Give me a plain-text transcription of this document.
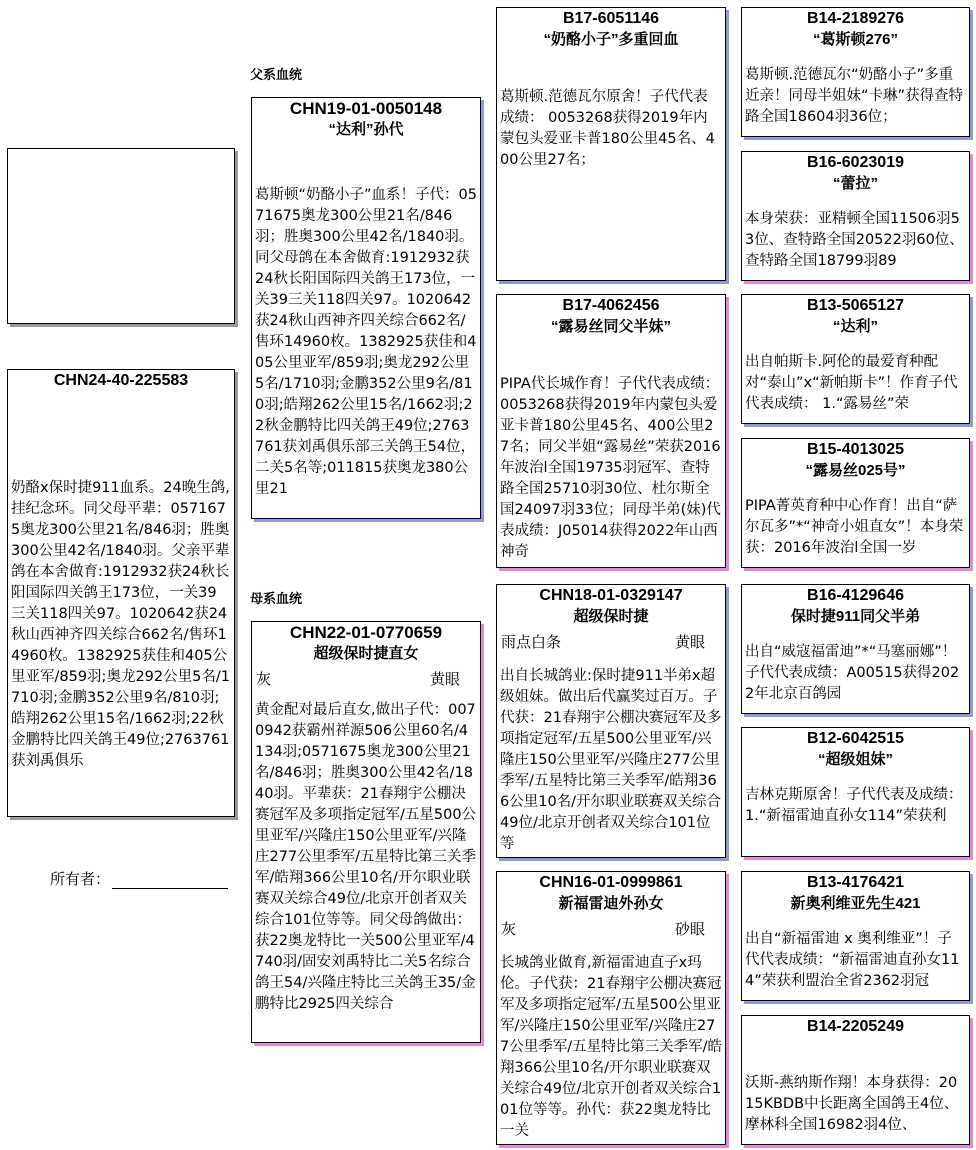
父系血统
母系血统
CHN24-40-225583
奶酪x保时捷911血系。24晚生鸽,挂纪念环。同父母平辈：0571675奥龙300公里21名/846羽；胜奥300公里42名/1840羽。父亲平辈鸽在本舍做育:1912932获24秋长阳国际四关鸽王173位，一关39三关118四关97。1020642获24秋山西神齐四关综合662名/售环14960枚。1382925获佳和405公里亚军/859羽;奥龙292公里5名/1710羽;金鹏352公里9名/810羽;皓翔262公里15名/1662羽;22秋金鹏特比四关鸽王49位;2763761获刘禹俱乐
所有者：
CHN19-01-0050148
“达利”孙代
葛斯顿“奶酪小子”血系！子代：0571675奥龙300公里21名/846羽；胜奥300公里42名/1840羽。同父母鸽在本舍做育:1912932获24秋长阳国际四关鸽王173位，一关39三关118四关97。1020642获24秋山西神齐四关综合662名/售环14960枚。1382925获佳和405公里亚军/859羽;奥龙292公里5名/1710羽;金鹏352公里9名/810羽;皓翔262公里15名/1662羽;22秋金鹏特比四关鸽王49位;2763761获刘禹俱乐部三关鸽王54位，二关5名等;011815获奥龙380公里21
CHN22-01-0770659
超级保时捷直女
灰	黄眼
黄金配对最后直女,做出子代：0070942获霸州祥源506公里60名/4134羽;0571675奥龙300公里21名/846羽；胜奥300公里42名/1840羽。平辈获：21春翔宇公棚决赛冠军及多项指定冠军/五星500公里亚军/兴隆庄150公里亚军/兴隆庄277公里季军/五星特比第三关季军/皓翔366公里10名/开尔职业联赛双关综合49位/北京开创者双关综合101位等等。同父母鸽做出：获22奥龙特比一关500公里亚军/4740羽/固安刘禹特比二关5名综合鸽王54/兴隆庄特比三关鸽王35/金鹏特比2925四关综合
B17-6051146
“奶酪小子”多重回血
葛斯顿.范德瓦尔原舍！子代代表成绩： 0053268获得2019年内蒙包头爱亚卡普180公里45名、400公里27名；
B17-4062456
“露易丝同父半妹”
PIPA代长城作育！子代代表成绩： 0053268获得2019年内蒙包头爱亚卡普180公里45名、400公里27名；同父半姐“露易丝”荣获2016年波治l全国19735羽冠军、查特路全国25710羽30位、杜尔斯全国24097羽33位；同母半弟(妹)代表成绩：J05014获得2022年山西神奇
CHN18-01-0329147
超级保时捷
雨点白条	黄眼
出自长城鸽业:保时捷911半弟x超级姐妹。做出后代赢奖过百万。子代获：21春翔宇公棚决赛冠军及多项指定冠军/五星500公里亚军/兴隆庄150公里亚军/兴隆庄277公里季军/五星特比第三关季军/皓翔366公里10名/开尔职业联赛双关综合49位/北京开创者双关综合101位等
CHN16-01-0999861
新福雷迪外孙女
灰	砂眼
长城鸽业做育,新福雷迪直子x玛伦。子代获：21春翔宇公棚决赛冠军及多项指定冠军/五星500公里亚军/兴隆庄150公里亚军/兴隆庄277公里季军/五星特比第三关季军/皓翔366公里10名/开尔职业联赛双关综合49位/北京开创者双关综合101位等等。孙代：获22奥龙特比一关
B14-2189276
“葛斯顿276”
葛斯顿.范德瓦尔“奶酪小子”多重近亲！同母半姐妹“卡琳”获得查特路全国18604羽36位；
B16-6023019
“蕾拉”
本身荣获：亚精顿全国11506羽53位、查特路全国20522羽60位、查特路全国18799羽89
B13-5065127
“达利”
出自帕斯卡.阿伦的最爱育种配对“泰山”x“新帕斯卡”！作育子代代表成绩： 1.“露易丝”荣
B15-4013025
“露易丝025号”
PIPA菁英育种中心作育！出自“萨尔瓦多”*“神奇小姐直女”！本身荣获：2016年波治l全国一岁
B16-4129646
保时捷911同父半弟
出自“威寇福雷迪”*“马塞丽娜”！子代代表成绩：A00515获得2022年北京百鸽园
B12-6042515
“超级姐妹”
吉林克斯原舍！子代代表及成绩：1.“新福雷迪直孙女114”荣获利
B13-4176421
新奥利维亚先生421
出自“新福雷迪 x 奥利维亚”！子代代表成绩：“新福雷迪直孙女114”荣获利盟治全省2362羽冠
B14-2205249
沃斯-燕纳斯作翔！本身获得：2015KBDB中长距离全国鸽王4位、摩林科全国16982羽4位、
